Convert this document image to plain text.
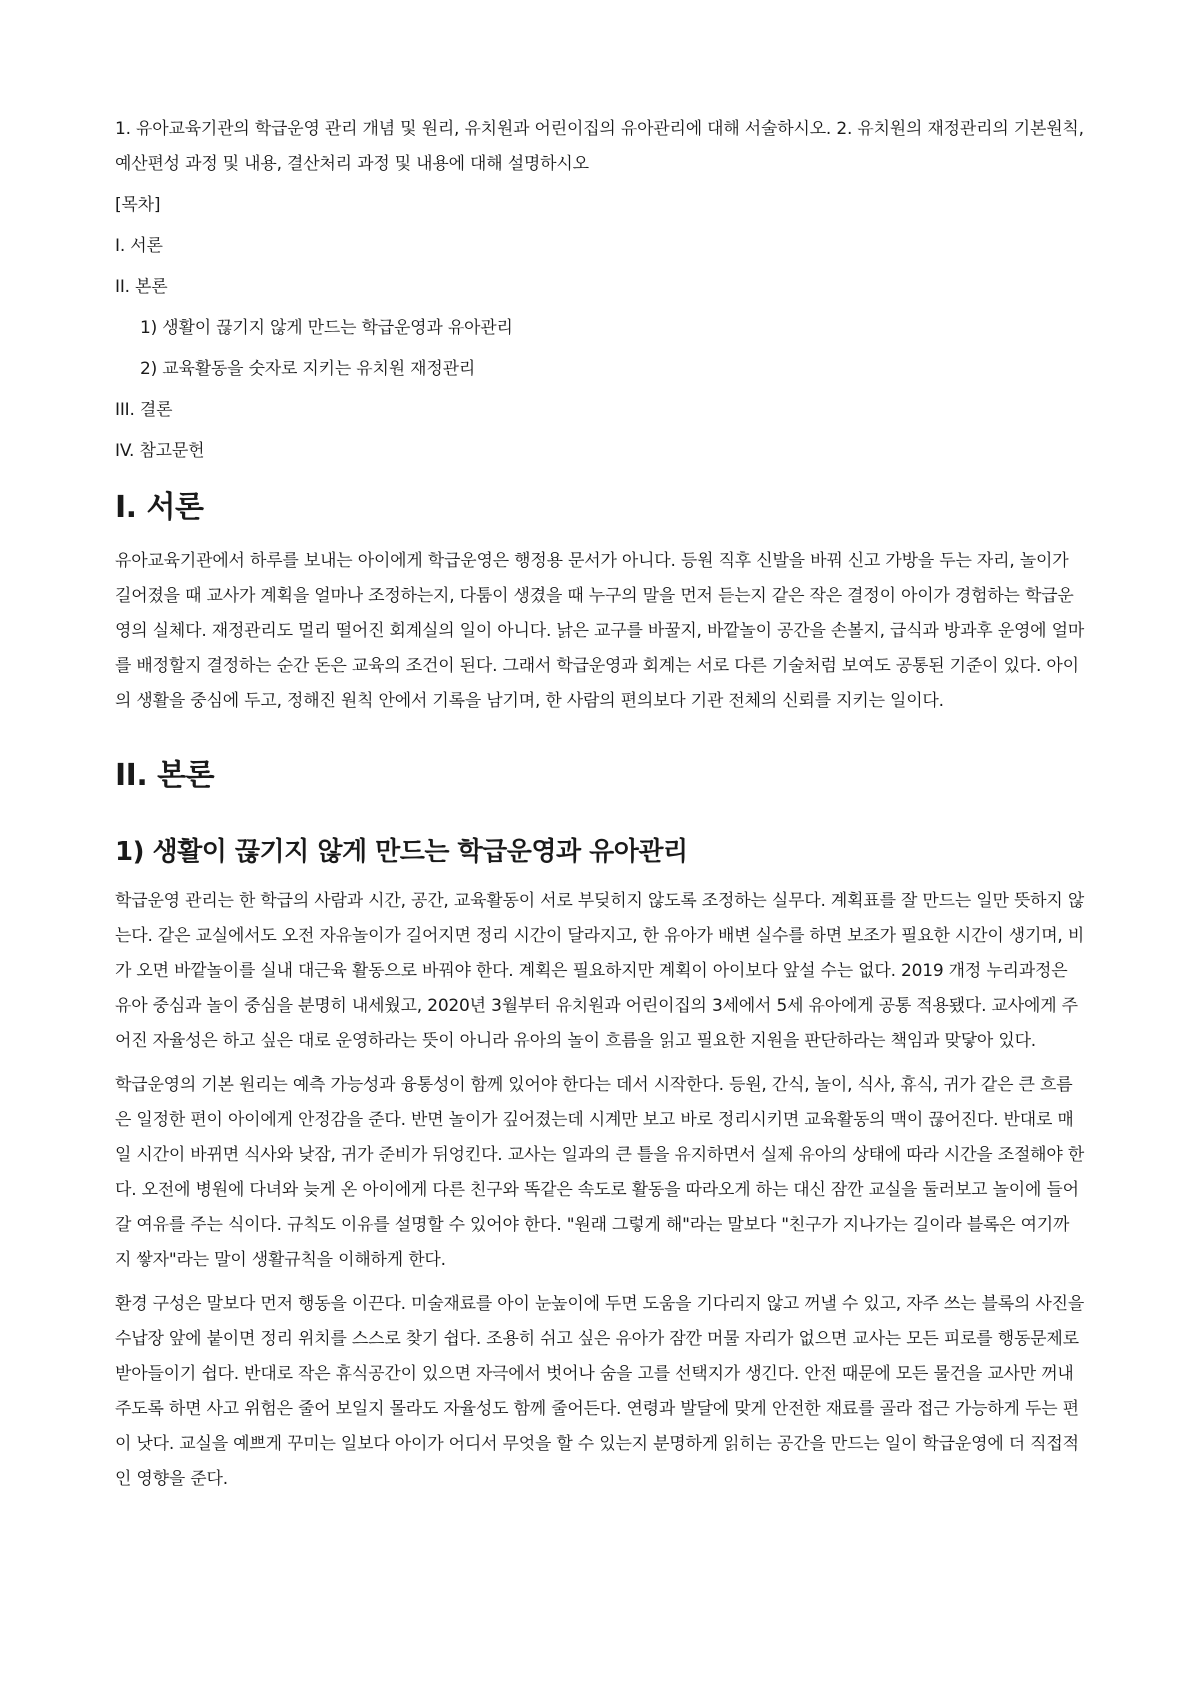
1. 유아교육기관의 학급운영 관리 개념 및 원리, 유치원과 어린이집의 유아관리에 대해 서술하시오. 2. 유치원의 재정관리의 기본원칙, 예산편성 과정 및 내용, 결산처리 과정 및 내용에 대해 설명하시오

[목차]

I. 서론

II. 본론

1) 생활이 끊기지 않게 만드는 학급운영과 유아관리

2) 교육활동을 숫자로 지키는 유치원 재정관리

III. 결론

IV. 참고문헌

I. 서론

유아교육기관에서 하루를 보내는 아이에게 학급운영은 행정용 문서가 아니다. 등원 직후 신발을 바꿔 신고 가방을 두는 자리, 놀이가 길어졌을 때 교사가 계획을 얼마나 조정하는지, 다툼이 생겼을 때 누구의 말을 먼저 듣는지 같은 작은 결정이 아이가 경험하는 학급운영의 실체다. 재정관리도 멀리 떨어진 회계실의 일이 아니다. 낡은 교구를 바꿀지, 바깥놀이 공간을 손볼지, 급식과 방과후 운영에 얼마를 배정할지 결정하는 순간 돈은 교육의 조건이 된다. 그래서 학급운영과 회계는 서로 다른 기술처럼 보여도 공통된 기준이 있다. 아이의 생활을 중심에 두고, 정해진 원칙 안에서 기록을 남기며, 한 사람의 편의보다 기관 전체의 신뢰를 지키는 일이다.

II. 본론
1) 생활이 끊기지 않게 만드는 학급운영과 유아관리

학급운영 관리는 한 학급의 사람과 시간, 공간, 교육활동이 서로 부딪히지 않도록 조정하는 실무다. 계획표를 잘 만드는 일만 뜻하지 않는다. 같은 교실에서도 오전 자유놀이가 길어지면 정리 시간이 달라지고, 한 유아가 배변 실수를 하면 보조가 필요한 시간이 생기며, 비가 오면 바깥놀이를 실내 대근육 활동으로 바꿔야 한다. 계획은 필요하지만 계획이 아이보다 앞설 수는 없다. 2019 개정 누리과정은 유아 중심과 놀이 중심을 분명히 내세웠고, 2020년 3월부터 유치원과 어린이집의 3세에서 5세 유아에게 공통 적용됐다. 교사에게 주어진 자율성은 하고 싶은 대로 운영하라는 뜻이 아니라 유아의 놀이 흐름을 읽고 필요한 지원을 판단하라는 책임과 맞닿아 있다.

학급운영의 기본 원리는 예측 가능성과 융통성이 함께 있어야 한다는 데서 시작한다. 등원, 간식, 놀이, 식사, 휴식, 귀가 같은 큰 흐름은 일정한 편이 아이에게 안정감을 준다. 반면 놀이가 깊어졌는데 시계만 보고 바로 정리시키면 교육활동의 맥이 끊어진다. 반대로 매일 시간이 바뀌면 식사와 낮잠, 귀가 준비가 뒤엉킨다. 교사는 일과의 큰 틀을 유지하면서 실제 유아의 상태에 따라 시간을 조절해야 한다. 오전에 병원에 다녀와 늦게 온 아이에게 다른 친구와 똑같은 속도로 활동을 따라오게 하는 대신 잠깐 교실을 둘러보고 놀이에 들어갈 여유를 주는 식이다. 규칙도 이유를 설명할 수 있어야 한다. "원래 그렇게 해"라는 말보다 "친구가 지나가는 길이라 블록은 여기까지 쌓자"라는 말이 생활규칙을 이해하게 한다.

환경 구성은 말보다 먼저 행동을 이끈다. 미술재료를 아이 눈높이에 두면 도움을 기다리지 않고 꺼낼 수 있고, 자주 쓰는 블록의 사진을 수납장 앞에 붙이면 정리 위치를 스스로 찾기 쉽다. 조용히 쉬고 싶은 유아가 잠깐 머물 자리가 없으면 교사는 모든 피로를 행동문제로 받아들이기 쉽다. 반대로 작은 휴식공간이 있으면 자극에서 벗어나 숨을 고를 선택지가 생긴다. 안전 때문에 모든 물건을 교사만 꺼내 주도록 하면 사고 위험은 줄어 보일지 몰라도 자율성도 함께 줄어든다. 연령과 발달에 맞게 안전한 재료를 골라 접근 가능하게 두는 편이 낫다. 교실을 예쁘게 꾸미는 일보다 아이가 어디서 무엇을 할 수 있는지 분명하게 읽히는 공간을 만드는 일이 학급운영에 더 직접적인 영향을 준다.
